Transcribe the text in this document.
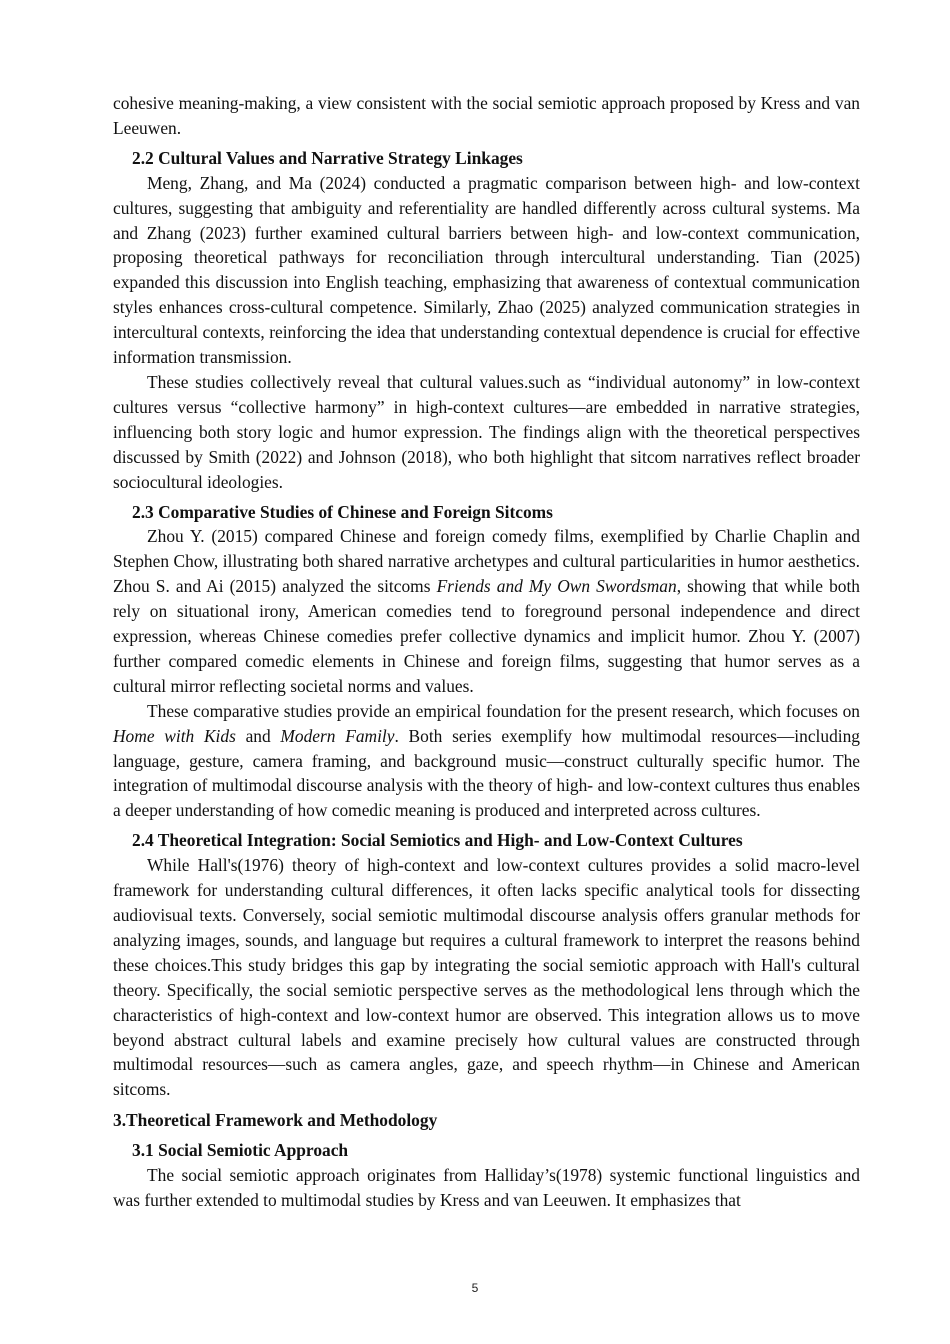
cohesive meaning-making, a view consistent with the social semiotic approach proposed by Kress and van Leeuwen.

2.2 Cultural Values and Narrative Strategy Linkages

Meng, Zhang, and Ma (2024) conducted a pragmatic comparison between high- and low-context cultures, suggesting that ambiguity and referentiality are handled differently across cultural systems. Ma and Zhang (2023) further examined cultural barriers between high- and low-context communication, proposing theoretical pathways for reconciliation through intercultural understanding. Tian (2025) expanded this discussion into English teaching, emphasizing that awareness of contextual communication styles enhances cross-cultural competence. Similarly, Zhao (2025) analyzed communication strategies in intercultural contexts, reinforcing the idea that understanding contextual dependence is crucial for effective information transmission.

These studies collectively reveal that cultural values.such as “individual autonomy” in low-context cultures versus “collective harmony” in high-context cultures—are embedded in narrative strategies, influencing both story logic and humor expression. The findings align with the theoretical perspectives discussed by Smith (2022) and Johnson (2018), who both highlight that sitcom narratives reflect broader sociocultural ideologies.

2.3 Comparative Studies of Chinese and Foreign Sitcoms

Zhou Y. (2015) compared Chinese and foreign comedy films, exemplified by Charlie Chaplin and Stephen Chow, illustrating both shared narrative archetypes and cultural particularities in humor aesthetics. Zhou S. and Ai (2015) analyzed the sitcoms Friends and My Own Swordsman, showing that while both rely on situational irony, American comedies tend to foreground personal independence and direct expression, whereas Chinese comedies prefer collective dynamics and implicit humor. Zhou Y. (2007) further compared comedic elements in Chinese and foreign films, suggesting that humor serves as a cultural mirror reflecting societal norms and values.

These comparative studies provide an empirical foundation for the present research, which focuses on Home with Kids and Modern Family. Both series exemplify how multimodal resources—including language, gesture, camera framing, and background music—construct culturally specific humor. The integration of multimodal discourse analysis with the theory of high- and low-context cultures thus enables a deeper understanding of how comedic meaning is produced and interpreted across cultures.

2.4 Theoretical Integration: Social Semiotics and High- and Low-Context Cultures

While Hall's(1976) theory of high-context and low-context cultures provides a solid macro-level framework for understanding cultural differences, it often lacks specific analytical tools for dissecting audiovisual texts. Conversely, social semiotic multimodal discourse analysis offers granular methods for analyzing images, sounds, and language but requires a cultural framework to interpret the reasons behind these choices.This study bridges this gap by integrating the social semiotic approach with Hall's cultural theory. Specifically, the social semiotic perspective serves as the methodological lens through which the characteristics of high-context and low-context humor are observed. This integration allows us to move beyond abstract cultural labels and examine precisely how cultural values are constructed through multimodal resources—such as camera angles, gaze, and speech rhythm—in Chinese and American sitcoms.

3.Theoretical Framework and Methodology
3.1 Social Semiotic Approach

The social semiotic approach originates from Halliday’s(1978) systemic functional linguistics and was further extended to multimodal studies by Kress and van Leeuwen. It emphasizes that

5
